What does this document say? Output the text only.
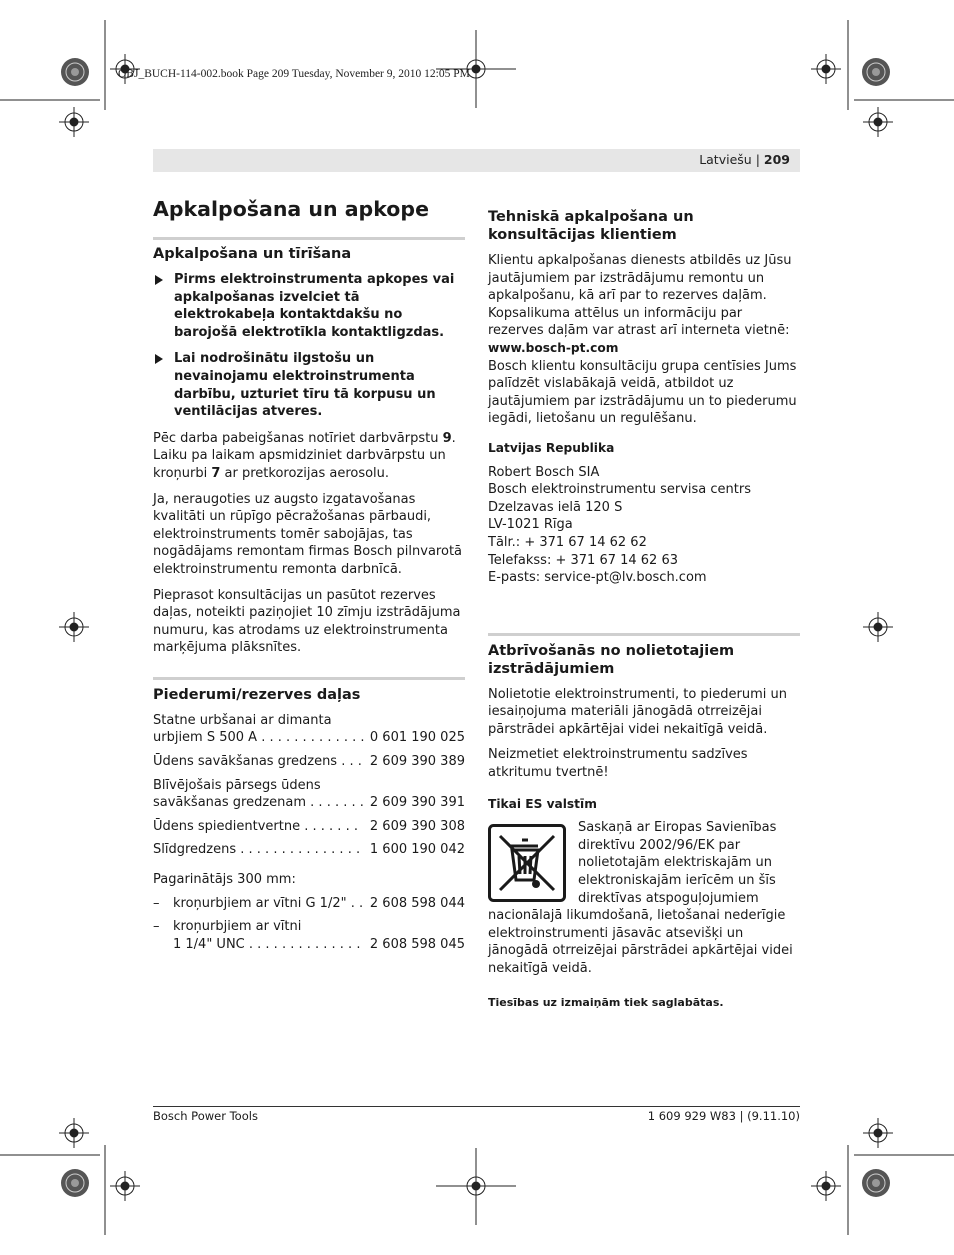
OBJ_BUCH-114-002.book Page 209 Tuesday, November 9, 2010 12:05 PM
Latviešu | 209
Apkalpošana un apkope
Apkalpošana un tīrīšana
Pirms elektroinstrumenta apkopes vai apkalpošanas izvelciet tā elektrokabeļa kontaktdakšu no barojošā elektrotīkla kontaktligzdas.
Lai nodrošinātu ilgstošu un nevainojamu elektroinstrumenta darbību, uzturiet tīru tā korpusu un ventilācijas atveres.

Pēc darba pabeigšanas notīriet darbvārpstu 9. Laiku pa laikam apsmidziniet darbvārpstu un kroņurbi 7 ar pretkorozijas aerosolu.

Ja, neraugoties uz augsto izgatavošanas kvalitāti un rūpīgo pēcražošanas pārbaudi, elektroinstruments tomēr sabojājas, tas nogādājams remontam firmas Bosch pilnvarotā elektroinstrumentu remonta darbnīcā.

Pieprasot konsultācijas un pasūtot rezerves daļas, noteikti paziņojiet 10 zīmju izstrādājuma numuru, kas atrodams uz elektroinstrumenta marķējuma plāksnītes.

Piederumi/rezerves daļas
Statne urbšanai ar dimanta
urbjiem S 500 A . . . . . . . . . . . . . 0 601 190 025
Ūdens savākšanas gredzens . . . 2 609 390 389
Blīvējošais pārsegs ūdens
savākšanas gredzenam . . . . . . . 2 609 390 391
Ūdens spiedientvertne . . . . . . . 2 609 390 308
Slīdgredzens . . . . . . . . . . . . . . . 1 600 190 042
Pagarinātājs 300 mm:
–	kroņurbjiem ar vītni G 1/2" . . 2 608 598 044
–	kroņurbjiem ar vītni
1 1/4" UNC . . . . . . . . . . . . . . 2 608 598 045
Tehniskā apkalpošana un konsultācijas klientiem

Klientu apkalpošanas dienests atbildēs uz Jūsu jautājumiem par izstrādājumu remontu un apkalpošanu, kā arī par to rezerves daļām. Kopsalikuma attēlus un informāciju par rezerves daļām var atrast arī interneta vietnē:

www.bosch-pt.com

Bosch klientu konsultāciju grupa centīsies Jums palīdzēt vislabākajā veidā, atbildot uz jautājumiem par izstrādājumu un to piederumu iegādi, lietošanu un regulēšanu.

Latvijas Republika
Robert Bosch SIA
Bosch elektroinstrumentu servisa centrs
Dzelzavas ielā 120 S
LV-1021 Rīga
Tālr.: + 371 67 14 62 62
Telefakss: + 371 67 14 62 63
E-pasts: service-pt@lv.bosch.com
Atbrīvošanās no nolietotajiem izstrādājumiem

Nolietotie elektroinstrumenti, to piederumi un iesaiņojuma materiāli jānogādā otrreizējai pārstrādei apkārtējai videi nekaitīgā veidā.

Neizmetiet elektroinstrumentu sadzīves atkritumu tvertnē!

Tikai ES valstīm

Saskaņā ar Eiropas Savienības direktīvu 2002/96/EK par nolietotajām elektriskajām un elektroniskajām ierīcēm un šīs direktīvas atspoguļojumiem nacionālajā likumdošanā, lietošanai nederīgie elektroinstrumenti jāsavāc atsevišķi un jānogādā otrreizējai pārstrādei apkārtējai videi nekaitīgā veidā.

Tiesības uz izmaiņām tiek saglabātas.
Bosch Power Tools	1 609 929 W83 | (9.11.10)
